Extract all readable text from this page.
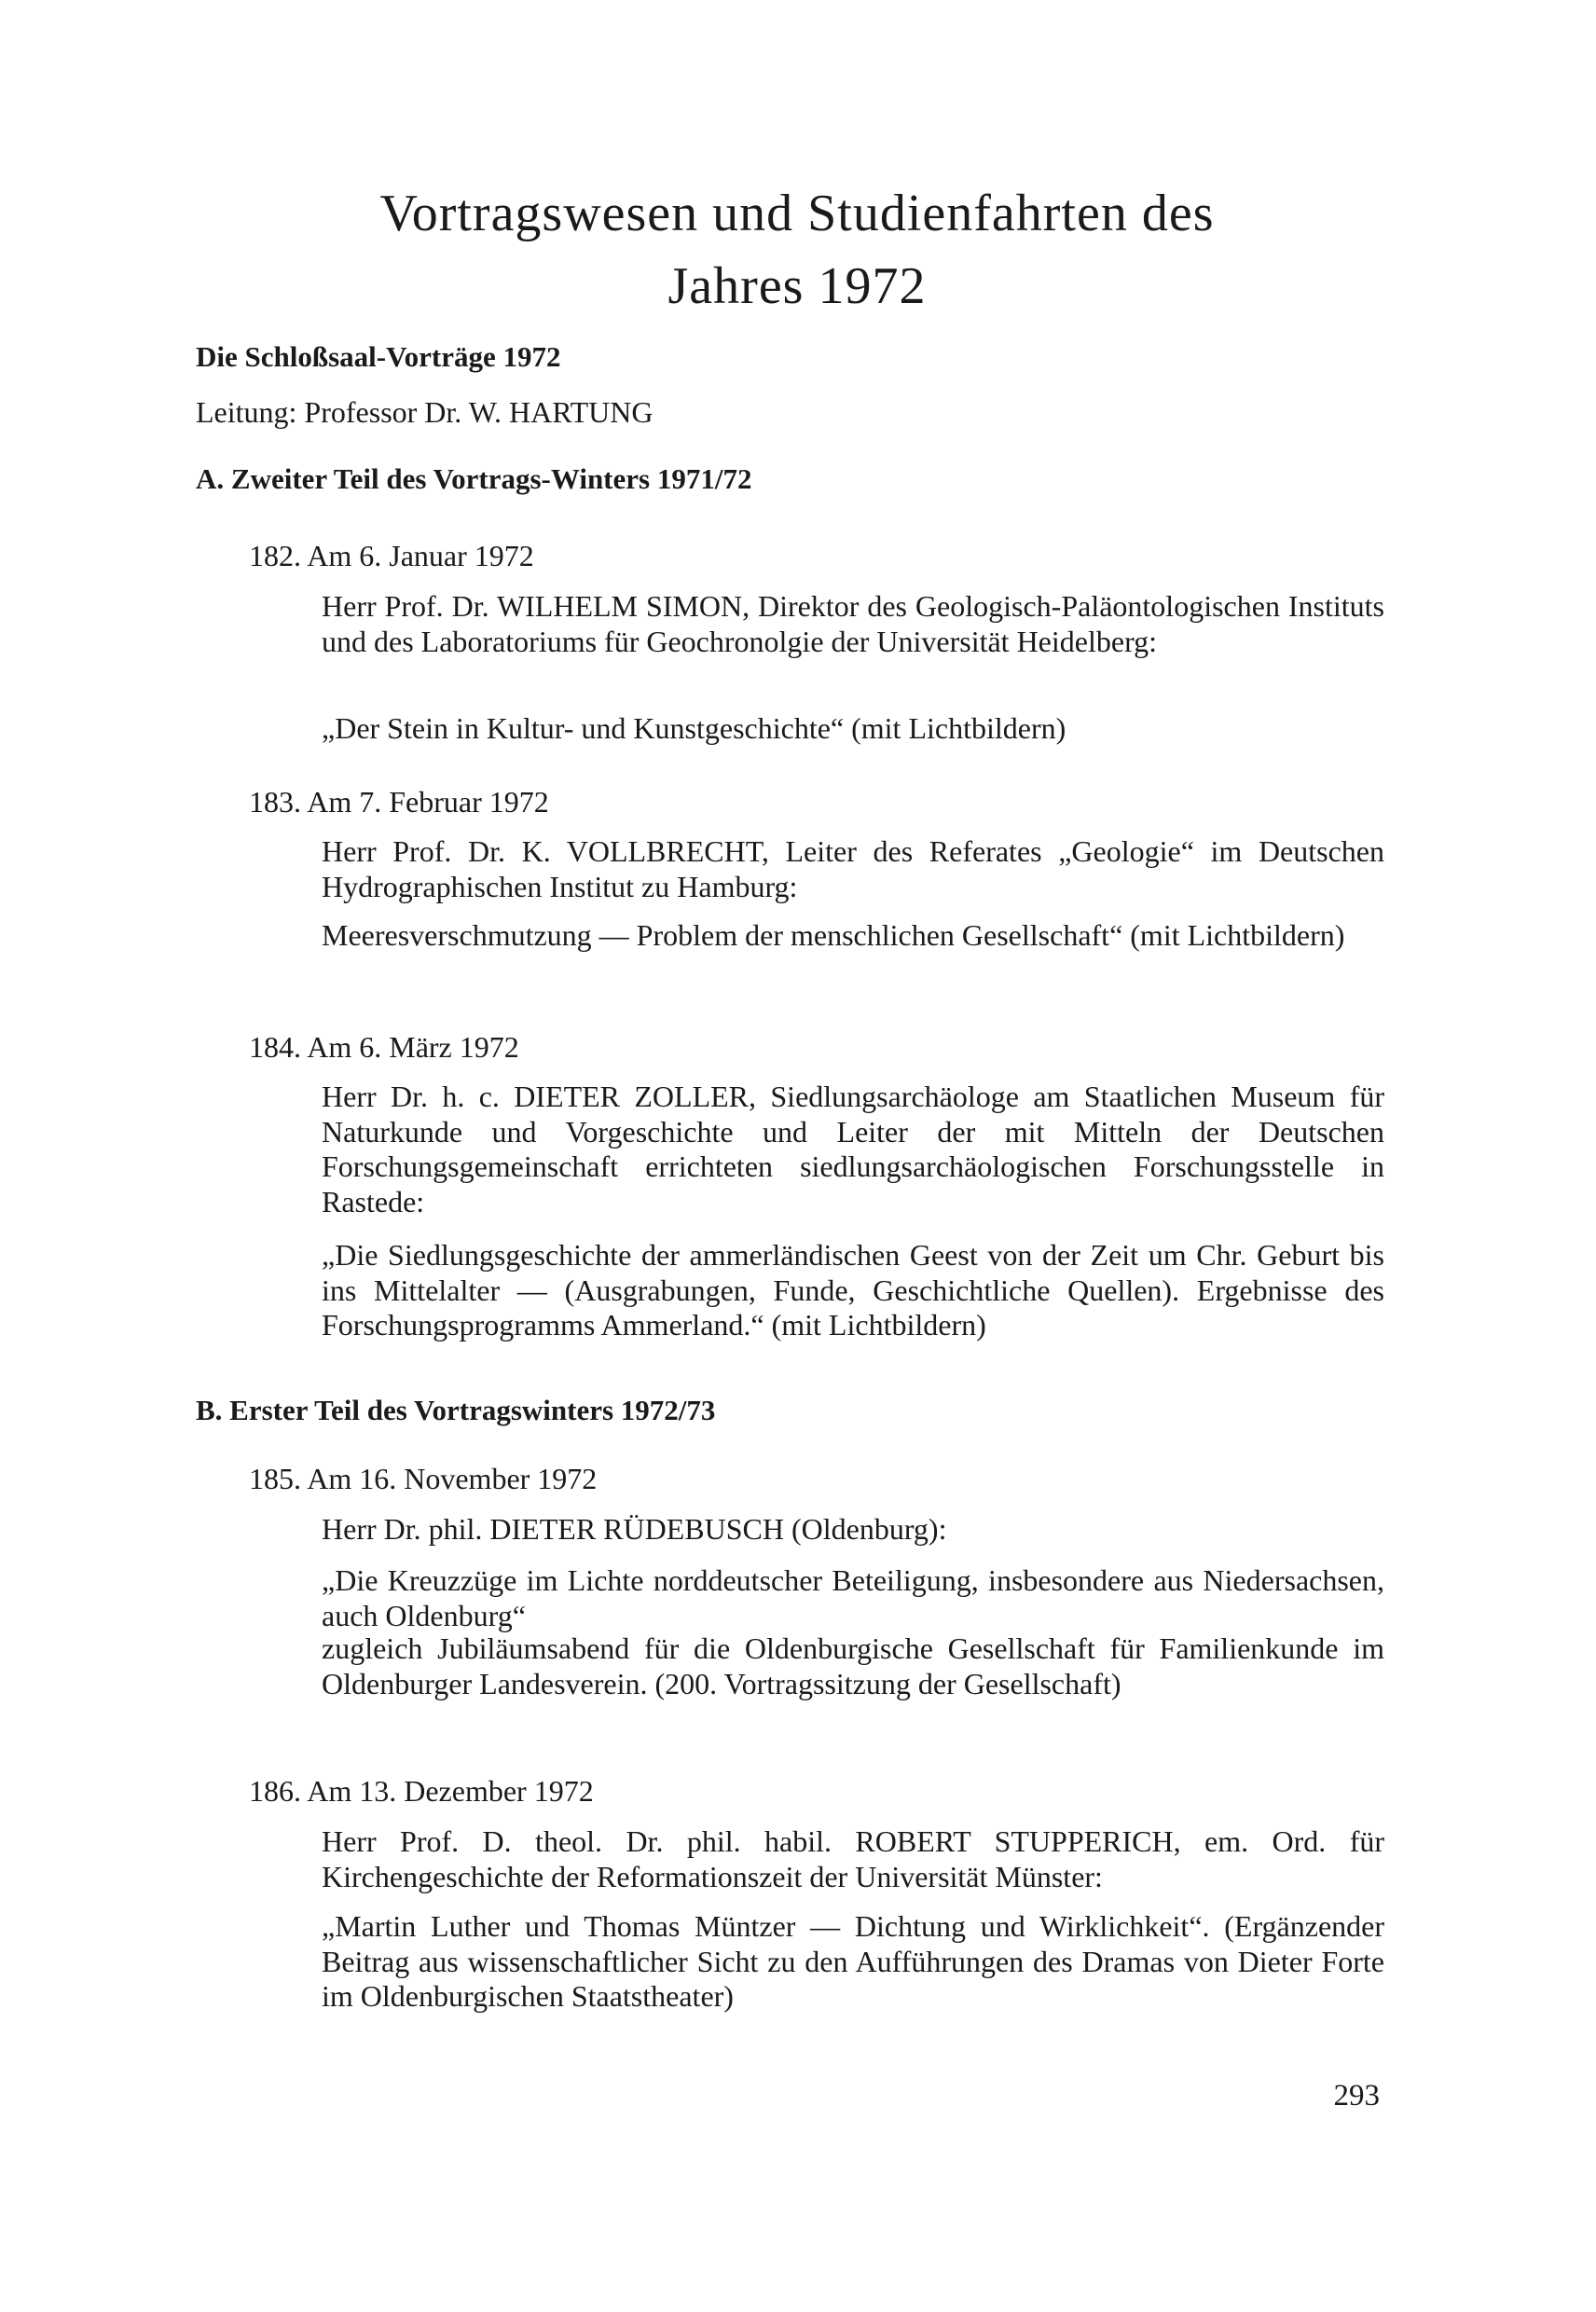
Vortragswesen und Studienfahrten des
Jahres 1972

Die Schloßsaal-Vorträge 1972

Leitung: Professor Dr. W. HARTUNG

A. Zweiter Teil des Vortrags-Winters 1971/72

182. Am 6. Januar 1972

Herr Prof. Dr. WILHELM SIMON, Direktor des Geologisch-Paläontologischen Instituts und des Laboratoriums für Geochronolgie der Universität Heidelberg:

„Der Stein in Kultur- und Kunstgeschichte“ (mit Lichtbildern)

183. Am 7. Februar 1972

Herr Prof. Dr. K. VOLLBRECHT, Leiter des Referates „Geologie“ im Deutschen Hydrographischen Institut zu Hamburg:

Meeresverschmutzung — Problem der menschlichen Gesellschaft“ (mit Lichtbildern)

184. Am 6. März 1972

Herr Dr. h. c. DIETER ZOLLER, Siedlungsarchäologe am Staatlichen Museum für Naturkunde und Vorgeschichte und Leiter der mit Mitteln der Deutschen Forschungsgemeinschaft errichteten siedlungsarchäologischen Forschungsstelle in Rastede:

„Die Siedlungsgeschichte der ammerländischen Geest von der Zeit um Chr. Geburt bis ins Mittelalter — (Ausgrabungen, Funde, Geschichtliche Quellen). Ergebnisse des Forschungsprogramms Ammerland.“ (mit Lichtbildern)

B. Erster Teil des Vortragswinters 1972/73

185. Am 16. November 1972

Herr Dr. phil. DIETER RÜDEBUSCH (Oldenburg):

„Die Kreuzzüge im Lichte norddeutscher Beteiligung, insbesondere aus Niedersachsen, auch Oldenburg“

zugleich Jubiläumsabend für die Oldenburgische Gesellschaft für Familienkunde im Oldenburger Landesverein. (200. Vortragssitzung der Gesellschaft)

186. Am 13. Dezember 1972

Herr Prof. D. theol. Dr. phil. habil. ROBERT STUPPERICH, em. Ord. für Kirchengeschichte der Reformationszeit der Universität Münster:

„Martin Luther und Thomas Müntzer — Dichtung und Wirklichkeit“. (Ergänzender Beitrag aus wissenschaftlicher Sicht zu den Aufführungen des Dramas von Dieter Forte im Oldenburgischen Staatstheater)

293
